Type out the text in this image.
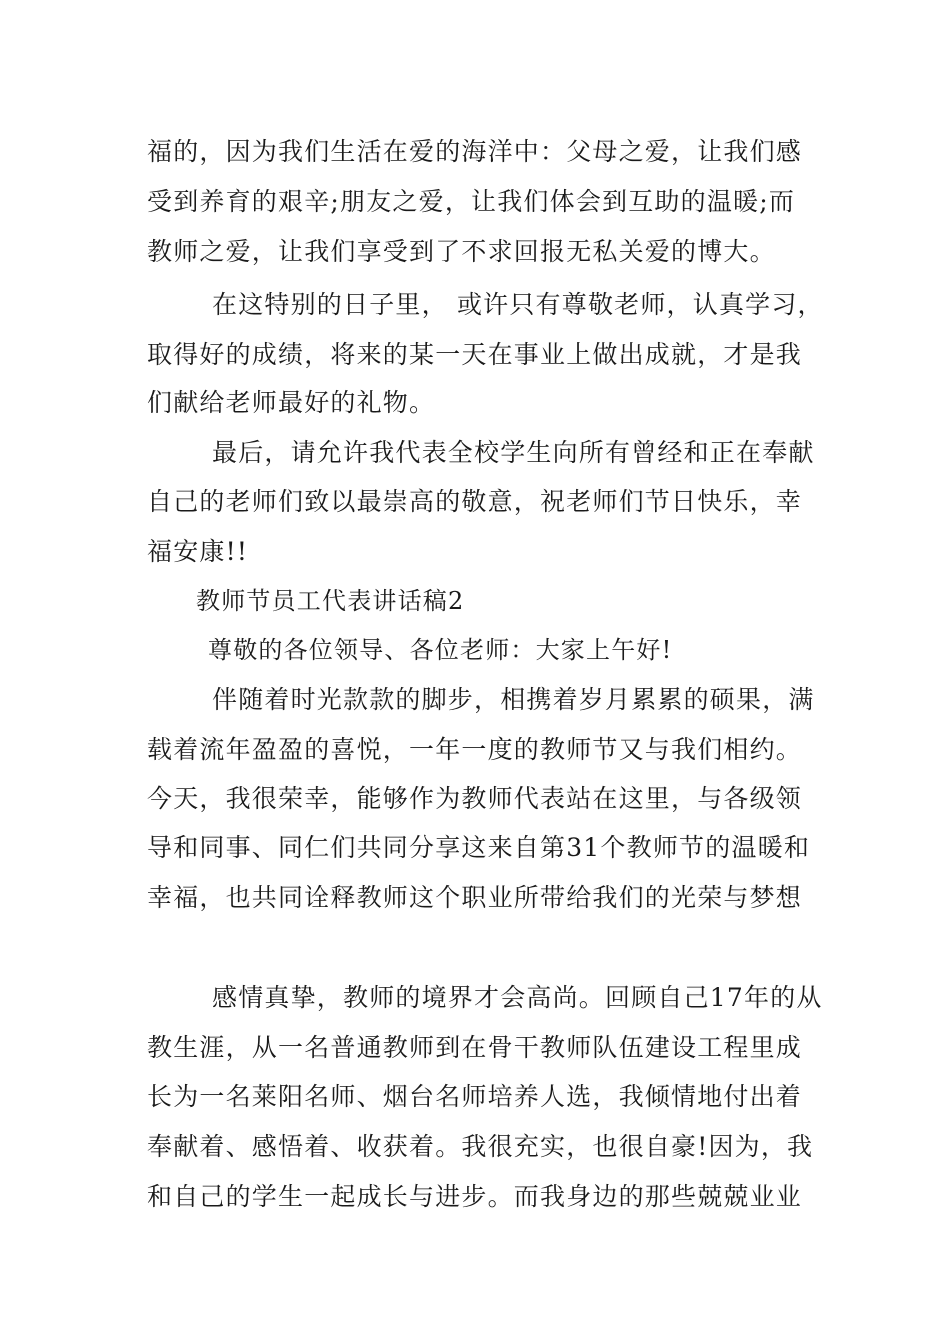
福的，因为我们生活在爱的海洋中：父母之爱，让我们感
受到养育的艰辛;朋友之爱，让我们体会到互助的温暖;而
教师之爱，让我们享受到了不求回报无私关爱的博大。
在这特别的日子里， 或许只有尊敬老师，认真学习，
取得好的成绩，将来的某一天在事业上做出成就，才是我
们献给老师最好的礼物。
最后，请允许我代表全校学生向所有曾经和正在奉献
自己的老师们致以最崇高的敬意，祝老师们节日快乐，幸
福安康!!
教师节员工代表讲话稿2
尊敬的各位领导、各位老师：大家上午好!
伴随着时光款款的脚步，相携着岁月累累的硕果，满
载着流年盈盈的喜悦，一年一度的教师节又与我们相约。
今天，我很荣幸，能够作为教师代表站在这里，与各级领
导和同事、同仁们共同分享这来自第31个教师节的温暖和
幸福，也共同诠释教师这个职业所带给我们的光荣与梦想
感情真挚，教师的境界才会高尚。回顾自己17年的从
教生涯，从一名普通教师到在骨干教师队伍建设工程里成
长为一名莱阳名师、烟台名师培养人选，我倾情地付出着
奉献着、感悟着、收获着。我很充实，也很自豪!因为，我
和自己的学生一起成长与进步。而我身边的那些兢兢业业
